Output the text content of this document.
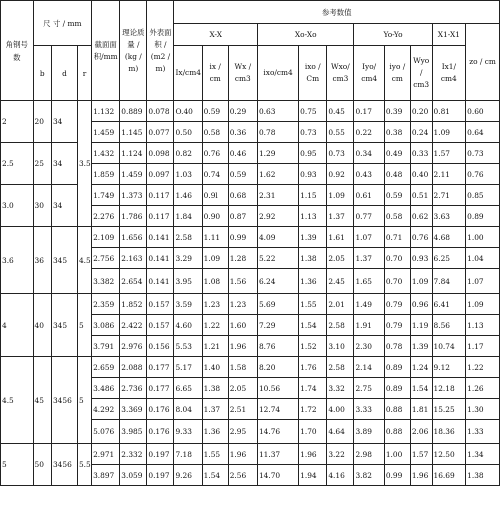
角钢号数	尺 寸 / mm			截面面积/mm	理论质量 / (kg / m)	外表面积 / (m2 / m)	参考数值										
							X-X			Xo-Xo			Yo-Yo			X1-X1	zo / cm
	b	d	r				Ix/cm4	ix / cm	Wx / cm3	ixo/cm4	ixo / Cm	Wxo/ cm3	Iyo/ cm4	iyo / cm	Wyo / cm3	Ix1/ cm4	
2	20	34	3.5	1.132	0.889	0.078	O.40	0.59	0.29	0.63	0.75	0.45	0.17	0.39	0.20	0.81	0.60
				1.459	1.145	0.077	0.50	0.58	0.36	0.78	0.73	0.55	0.22	0.38	0.24	1.09	0.64
2.5	25	34		1.432	1.124	0.098	0.82	0.76	0.46	1.29	0.95	0.73	0.34	0.49	0.33	1.57	0.73
				1.859	1.459	0.097	1.03	0.74	0.59	1.62	0.93	0.92	0.43	0.48	0.40	2.11	0.76
3.0	30	34		1.749	1.373	0.117	1.46	0.9l	0.68	2.31	1.15	1.09	0.61	0.59	0.51	2.71	0.85
				2.276	1.786	0.117	1.84	0.90	0.87	2.92	1.13	1.37	0.77	0.58	0.62	3.63	0.89
3.6	36	345	4.5	2.109	1.656	0.141	2.58	1.11	0.99	4.09	1.39	1.61	1.07	0.71	0.76	4.68	1.00
				2.756	2.163	0.141	3.29	1.09	1.28	5.22	1.38	2.05	1.37	0.70	0.93	6.25	1.04
				3.382	2.654	0.141	3.95	1.08	1.56	6.24	1.36	2.45	1.65	0.70	1.09	7.84	1.07
4	40	345	5	2.359	1.852	0.157	3.59	1.23	1.23	5.69	1.55	2.01	1.49	0.79	0.96	6.41	1.09
				3.086	2.422	0.157	4.60	1.22	1.60	7.29	1.54	2.58	1.91	0.79	1.19	8.56	1.13
				3.791	2.976	0.156	5.53	1.21	1.96	8.76	1.52	3.10	2.30	0.78	1.39	10.74	1.17
4.5	45	3456	5	2.659	2.088	0.177	5.17	1.40	1.58	8.20	1.76	2.58	2.14	0.89	1.24	9.12	1.22
				3.486	2.736	0.177	6.65	1.38	2.05	10.56	1.74	3.32	2.75	0.89	1.54	12.18	1.26
				4.292	3.369	0.176	8.04	1.37	2.51	12.74	1.72	4.00	3.33	0.88	1.81	15.25	1.30
				5.076	3.985	0.176	9.33	1.36	2.95	14.76	1.70	4.64	3.89	0.88	2.06	18.36	1.33
5	50	3456	5.5	2.971	2.332	0.197	7.18	1.55	1.96	11.37	1.96	3.22	2.98	1.00	1.57	12.50	1.34
				3.897	3.059	0.197	9.26	1.54	2.56	14.70	1.94	4.16	3.82	0.99	1.96	16.69	1.38
